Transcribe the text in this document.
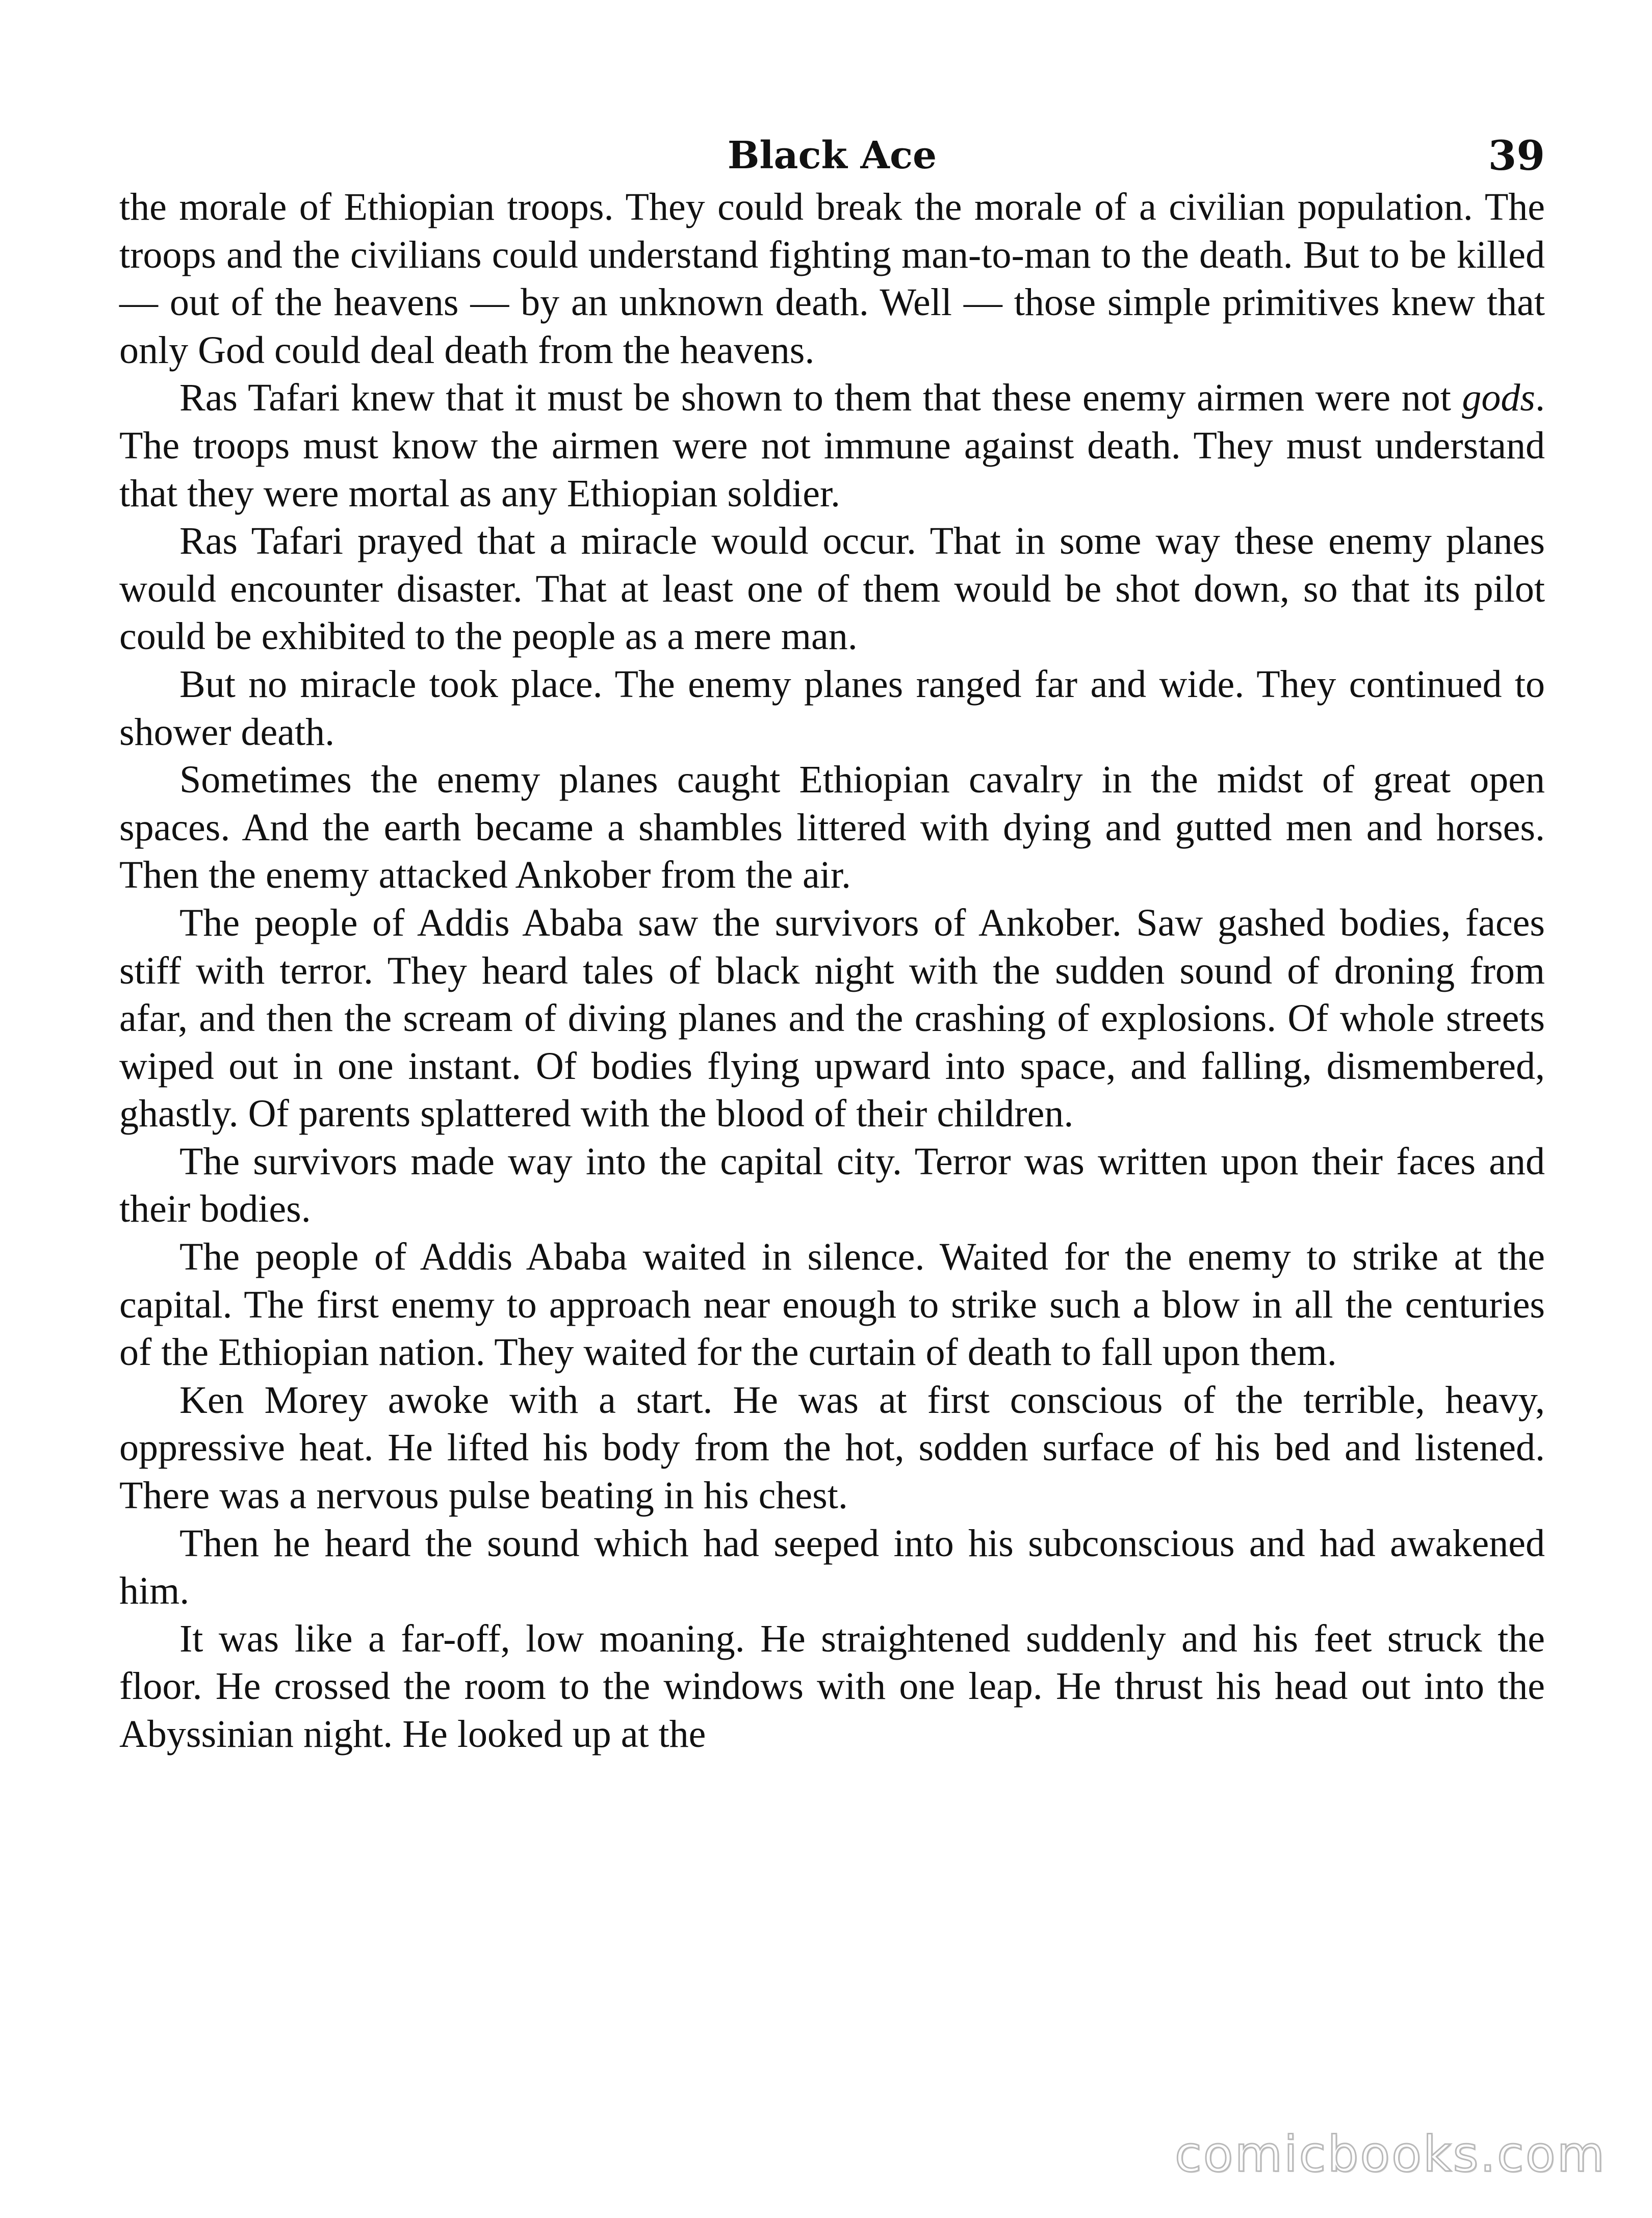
Black Ace	39

the morale of Ethiopian troops. They could break the morale of a civilian population. The troops and the civilians could understand fighting man-to-man to the death. But to be killed — out of the heavens — by an unknown death. Well — those simple primitives knew that only God could deal death from the heavens.

Ras Tafari knew that it must be shown to them that these enemy airmen were not gods. The troops must know the airmen were not immune against death. They must understand that they were mortal as any Ethiopian soldier.

Ras Tafari prayed that a miracle would occur. That in some way these enemy planes would encounter disaster. That at least one of them would be shot down, so that its pilot could be exhibited to the people as a mere man.

But no miracle took place. The enemy planes ranged far and wide. They continued to shower death.

Sometimes the enemy planes caught Ethiopian cavalry in the midst of great open spaces. And the earth became a shambles littered with dying and gutted men and horses. Then the enemy attacked Ankober from the air.

The people of Addis Ababa saw the survivors of Ankober. Saw gashed bodies, faces stiff with terror. They heard tales of black night with the sudden sound of droning from afar, and then the scream of diving planes and the crashing of explosions. Of whole streets wiped out in one instant. Of bodies flying upward into space, and falling, dismembered, ghastly. Of parents splattered with the blood of their children.

The survivors made way into the capital city. Terror was written upon their faces and their bodies.

The people of Addis Ababa waited in silence. Waited for the enemy to strike at the capital. The first enemy to approach near enough to strike such a blow in all the centuries of the Ethiopian nation. They waited for the curtain of death to fall upon them.

Ken Morey awoke with a start. He was at first conscious of the terrible, heavy, oppressive heat. He lifted his body from the hot, sodden surface of his bed and listened. There was a nervous pulse beating in his chest.

Then he heard the sound which had seeped into his subconscious and had awakened him.

It was like a far-off, low moaning. He straightened suddenly and his feet struck the floor. He crossed the room to the windows with one leap. He thrust his head out into the Abyssinian night. He looked up at the

comicbooks.com
